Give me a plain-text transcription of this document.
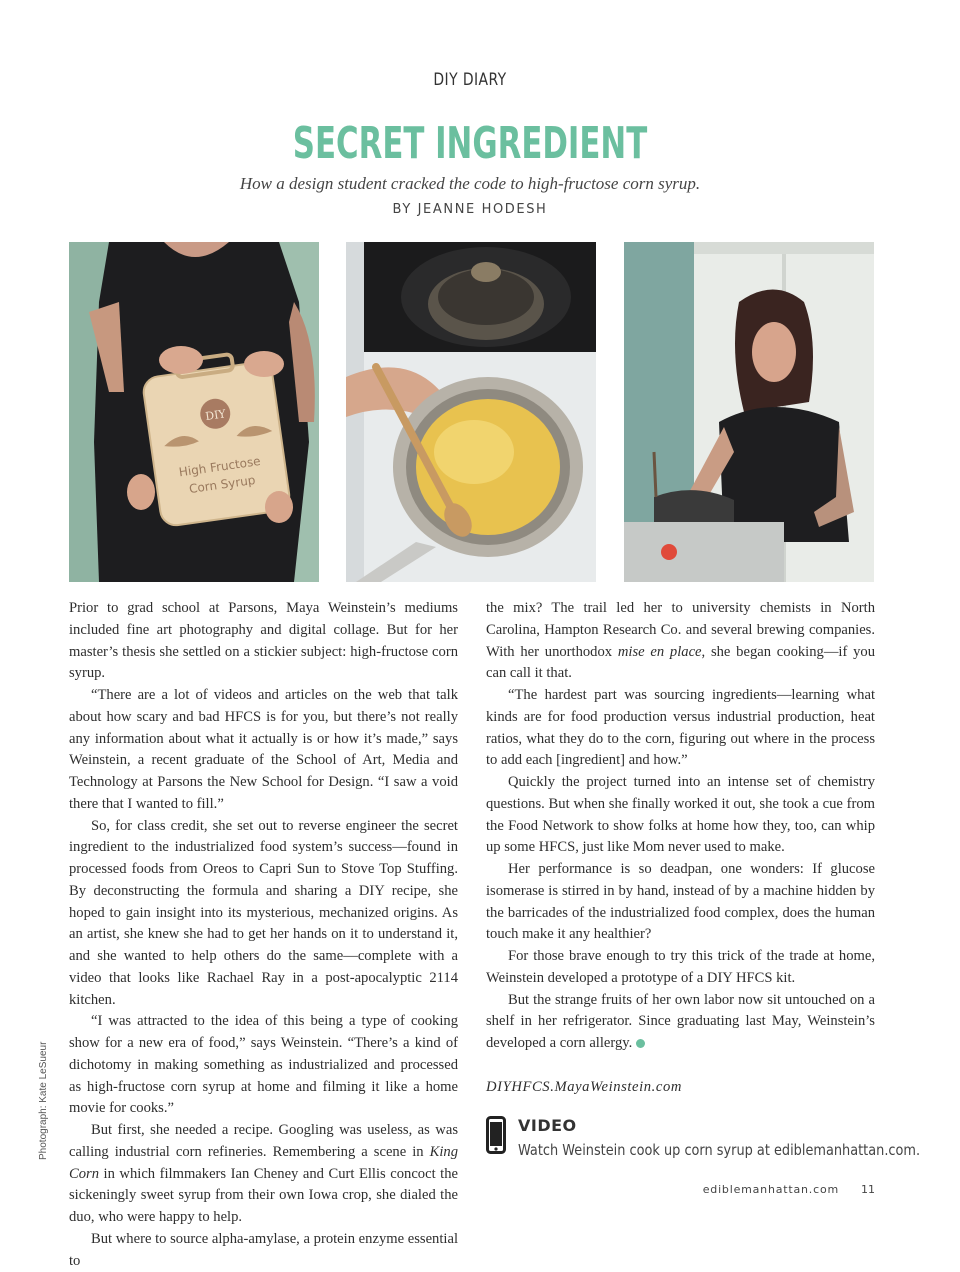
DIY DIARY
SECRET INGREDIENT
How a design student cracked the code to high-fructose corn syrup.
BY JEANNE HODESH
DIY
High Fructose
Corn Syrup
Photograph: Kate LeSueur

Prior to grad school at Parsons, Maya Weinstein’s mediums included fine art photography and digital collage. But for her master’s thesis she settled on a stickier subject: high-fructose corn syrup.

“There are a lot of videos and articles on the web that talk about how scary and bad HFCS is for you, but there’s not really any information about what it actually is or how it’s made,” says Weinstein, a recent graduate of the School of Art, Media and Technology at Parsons the New School for Design. “I saw a void there that I wanted to fill.”

So, for class credit, she set out to reverse engineer the secret ingredient to the industrialized food system’s success—found in processed foods from Oreos to Capri Sun to Stove Top Stuffing. By deconstructing the formula and sharing a DIY recipe, she hoped to gain insight into its mysterious, mechanized origins. As an artist, she knew she had to get her hands on it to understand it, and she wanted to help others do the same—complete with a video that looks like Rachael Ray in a post-apocalyptic 2114 kitchen.

“I was attracted to the idea of this being a type of cooking show for a new era of food,” says Weinstein. “There’s a kind of dichotomy in making something as industrialized and processed as high-fructose corn syrup at home and filming it like a home movie for cooks.”

But first, she needed a recipe. Googling was useless, as was calling industrial corn refineries. Remembering a scene in King Corn in which filmmakers Ian Cheney and Curt Ellis concoct the sickeningly sweet syrup from their own Iowa crop, she dialed the duo, who were happy to help.

But where to source alpha-amylase, a protein enzyme essential to

the mix? The trail led her to university chemists in North Carolina, Hampton Research Co. and several brewing companies. With her unorthodox mise en place, she began cooking—if you can call it that.

“The hardest part was sourcing ingredients—learning what kinds are for food production versus industrial production, heat ratios, what they do to the corn, figuring out where in the process to add each [ingredient] and how.”

Quickly the project turned into an intense set of chemistry questions. But when she finally worked it out, she took a cue from the Food Network to show folks at home how they, too, can whip up some HFCS, just like Mom never used to make.

Her performance is so deadpan, one wonders: If glucose isomerase is stirred in by hand, instead of by a machine hidden by the barricades of the industrialized food complex, does the human touch make it any healthier?

For those brave enough to try this trick of the trade at home, Weinstein developed a prototype of a DIY HFCS kit.

But the strange fruits of her own labor now sit untouched on a shelf in her refrigerator. Since graduating last May, Weinstein’s developed a corn allergy.

DIYHFCS.MayaWeinstein.com

VIDEO
Watch Weinstein cook up corn syrup at ediblemanhattan.com.
ediblemanhattan.com 11
